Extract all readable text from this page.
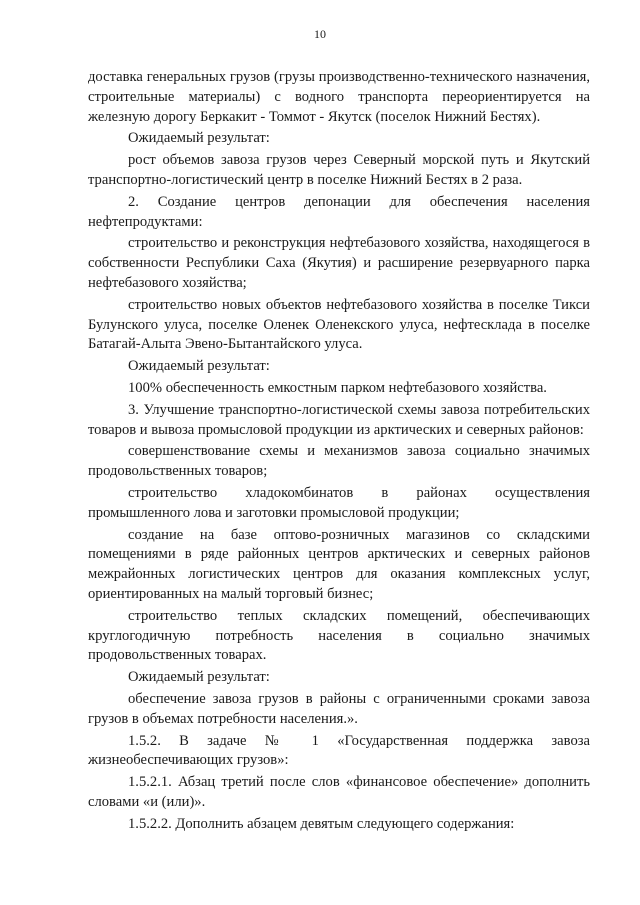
10

доставка генеральных грузов (грузы производственно-технического назначения, строительные материалы) с водного транспорта переориентируется на железную дорогу Беркакит - Томмот - Якутск (поселок Нижний Бестях).

Ожидаемый результат:

рост объемов завоза грузов через Северный морской путь и Якутский транспортно-логистический центр в поселке Нижний Бестях в 2 раза.

2. Создание центров депонации для обеспечения населения нефтепродуктами:

строительство и реконструкция нефтебазового хозяйства, находящегося в собственности Республики Саха (Якутия) и расширение резервуарного парка нефтебазового хозяйства;

строительство новых объектов нефтебазового хозяйства в поселке Тикси Булунского улуса, поселке Оленек Оленекского улуса, нефтесклада в поселке Батагай-Алыта Эвено-Бытантайского улуса.

Ожидаемый результат:

100% обеспеченность емкостным парком нефтебазового хозяйства.

3. Улучшение транспортно-логистической схемы завоза потребительских товаров и вывоза промысловой продукции из арктических и северных районов:

совершенствование схемы и механизмов завоза социально значимых продовольственных товаров;

строительство хладокомбинатов в районах осуществления промышленного лова и заготовки промысловой продукции;

создание на базе оптово-розничных магазинов со складскими помещениями в ряде районных центров арктических и северных районов межрайонных логистических центров для оказания комплексных услуг, ориентированных на малый торговый бизнес;

строительство теплых складских помещений, обеспечивающих круглогодичную потребность населения в социально значимых продовольственных товарах.

Ожидаемый результат:

обеспечение завоза грузов в районы с ограниченными сроками завоза грузов в объемах потребности населения.».

1.5.2. В задаче № 1 «Государственная поддержка завоза жизнеобеспечивающих грузов»:

1.5.2.1. Абзац третий после слов «финансовое обеспечение» дополнить словами «и (или)».

1.5.2.2. Дополнить абзацем девятым следующего содержания:
